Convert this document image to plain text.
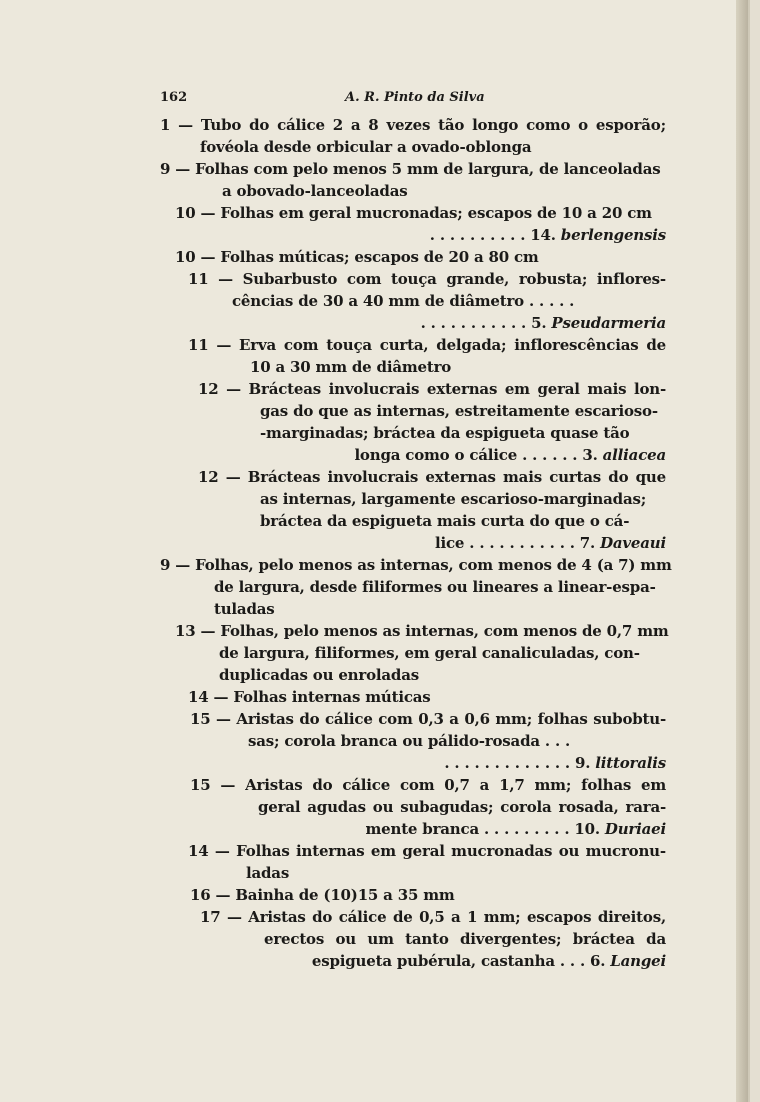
162	A. R. Pinto da Silva
1 — Tubo do cálice 2 a 8 vezes tão longo como o esporão;
fovéola desde orbicular a ovado-oblonga
9 — Folhas com pelo menos 5 mm de largura, de lanceoladas
a obovado-lanceoladas
10 — Folhas em geral mucronadas; escapos de 10 a 20 cm
. . . . . . . . . . 14.
berlengensis
10 — Folhas múticas; escapos de 20 a 80 cm
11 — Subarbusto com touça grande, robusta; inflores-
cências de 30 a 40 mm de diâmetro . . . . .
. . . . . . . . . . . 5.
Pseudarmeria
11 — Erva com touça curta, delgada; inflorescências de
10 a 30 mm de diâmetro
12 — Brácteas involucrais externas em geral mais lon-
gas do que as internas, estreitamente escarioso-
-marginadas; bráctea da espigueta quase tão
longa como o cálice . . . . . . 3.
alliacea
12 — Brácteas involucrais externas mais curtas do que
as internas, largamente escarioso-marginadas;
bráctea da espigueta mais curta do que o cá-
lice . . . . . . . . . . . 7.
Daveaui
9 — Folhas, pelo menos as internas, com menos de 4 (a 7) mm
de largura, desde filiformes ou lineares a linear-espa-
tuladas
13 — Folhas, pelo menos as internas, com menos de 0,7 mm
de largura, filiformes, em geral canaliculadas, con-
duplicadas ou enroladas
14 — Folhas internas múticas
15 — Aristas do cálice com 0,3 a 0,6 mm; folhas subobtu-
sas; corola branca ou pálido-rosada . . .
. . . . . . . . . . . . . 9.
littoralis
15 — Aristas do cálice com 0,7 a 1,7 mm; folhas em
geral agudas ou subagudas; corola rosada, rara-
mente branca . . . . . . . . . 10.
Duriaei
14 — Folhas internas em geral mucronadas ou mucronu-
ladas
16 — Bainha de (10)15 a 35 mm
17 — Aristas do cálice de 0,5 a 1 mm; escapos direitos,
erectos ou um tanto divergentes; bráctea da
espigueta pubérula, castanha . . . 6.
Langei
